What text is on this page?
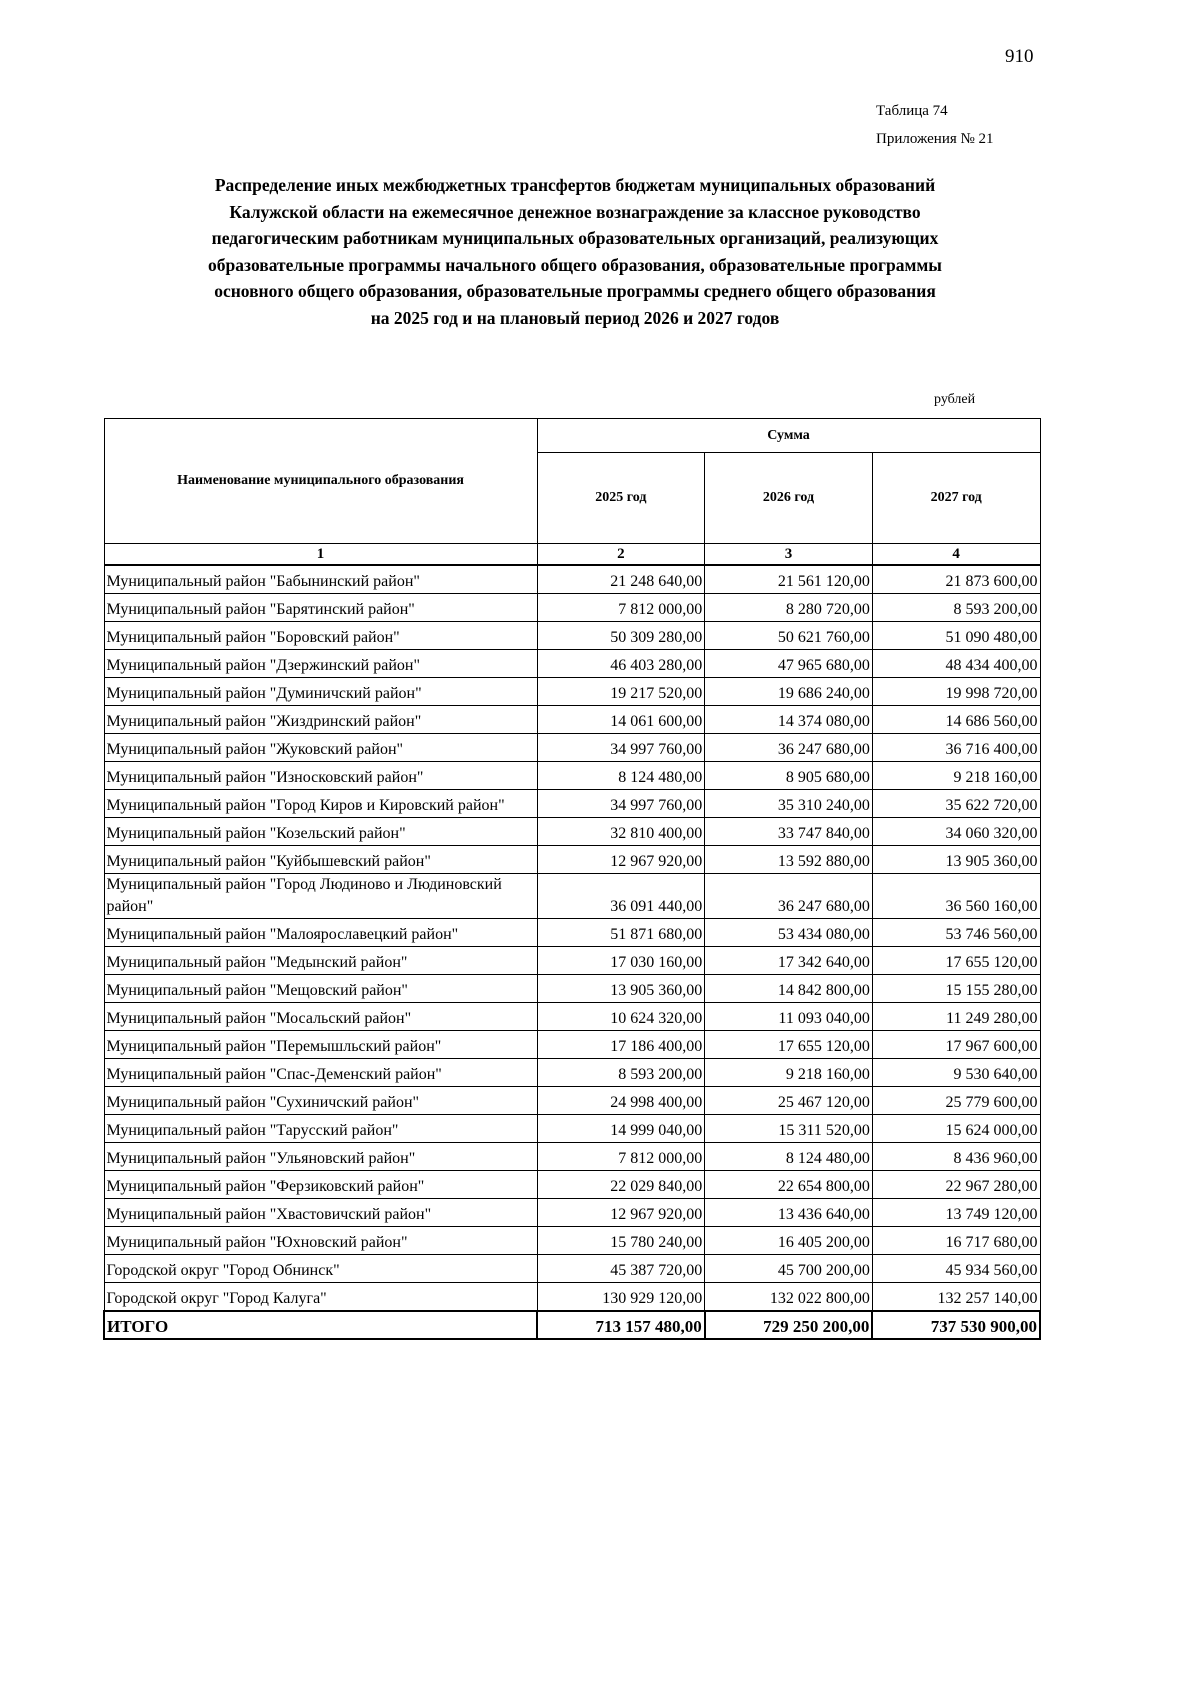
910
Таблица 74
Приложения № 21
Распределение иных межбюджетных трансфертов бюджетам муниципальных образований
Калужской области на ежемесячное денежное вознаграждение за классное руководство
педагогическим работникам муниципальных образовательных организаций, реализующих
образовательные программы начального общего образования, образовательные программы
основного общего образования, образовательные программы среднего общего образования
на 2025 год и на плановый период 2026 и 2027 годов
рублей
Наименование муниципального образования	Сумма		
	2025 год	2026 год	2027 год
1	2	3	4
Муниципальный район "Бабынинский район"	21 248 640,00	21 561 120,00	21 873 600,00
Муниципальный район "Барятинский район"	7 812 000,00	8 280 720,00	8 593 200,00
Муниципальный район "Боровский район"	50 309 280,00	50 621 760,00	51 090 480,00
Муниципальный район "Дзержинский район"	46 403 280,00	47 965 680,00	48 434 400,00
Муниципальный район "Думиничский район"	19 217 520,00	19 686 240,00	19 998 720,00
Муниципальный район "Жиздринский район"	14 061 600,00	14 374 080,00	14 686 560,00
Муниципальный район "Жуковский район"	34 997 760,00	36 247 680,00	36 716 400,00
Муниципальный район "Износковский район"	8 124 480,00	8 905 680,00	9 218 160,00
Муниципальный район "Город Киров и Кировский район"	34 997 760,00	35 310 240,00	35 622 720,00
Муниципальный район "Козельский район"	32 810 400,00	33 747 840,00	34 060 320,00
Муниципальный район "Куйбышевский район"	12 967 920,00	13 592 880,00	13 905 360,00
Муниципальный район "Город Людиново и Людиновский район"	36 091 440,00	36 247 680,00	36 560 160,00
Муниципальный район "Малоярославецкий район"	51 871 680,00	53 434 080,00	53 746 560,00
Муниципальный район "Медынский район"	17 030 160,00	17 342 640,00	17 655 120,00
Муниципальный район "Мещовский район"	13 905 360,00	14 842 800,00	15 155 280,00
Муниципальный район "Мосальский район"	10 624 320,00	11 093 040,00	11 249 280,00
Муниципальный район "Перемышльский район"	17 186 400,00	17 655 120,00	17 967 600,00
Муниципальный район "Спас-Деменский район"	8 593 200,00	9 218 160,00	9 530 640,00
Муниципальный район "Сухиничский район"	24 998 400,00	25 467 120,00	25 779 600,00
Муниципальный район "Тарусский район"	14 999 040,00	15 311 520,00	15 624 000,00
Муниципальный район "Ульяновский район"	7 812 000,00	8 124 480,00	8 436 960,00
Муниципальный район "Ферзиковский район"	22 029 840,00	22 654 800,00	22 967 280,00
Муниципальный район "Хвастовичский район"	12 967 920,00	13 436 640,00	13 749 120,00
Муниципальный район "Юхновский район"	15 780 240,00	16 405 200,00	16 717 680,00
Городской округ "Город Обнинск"	45 387 720,00	45 700 200,00	45 934 560,00
Городской округ "Город Калуга"	130 929 120,00	132 022 800,00	132 257 140,00
ИТОГО	713 157 480,00	729 250 200,00	737 530 900,00
